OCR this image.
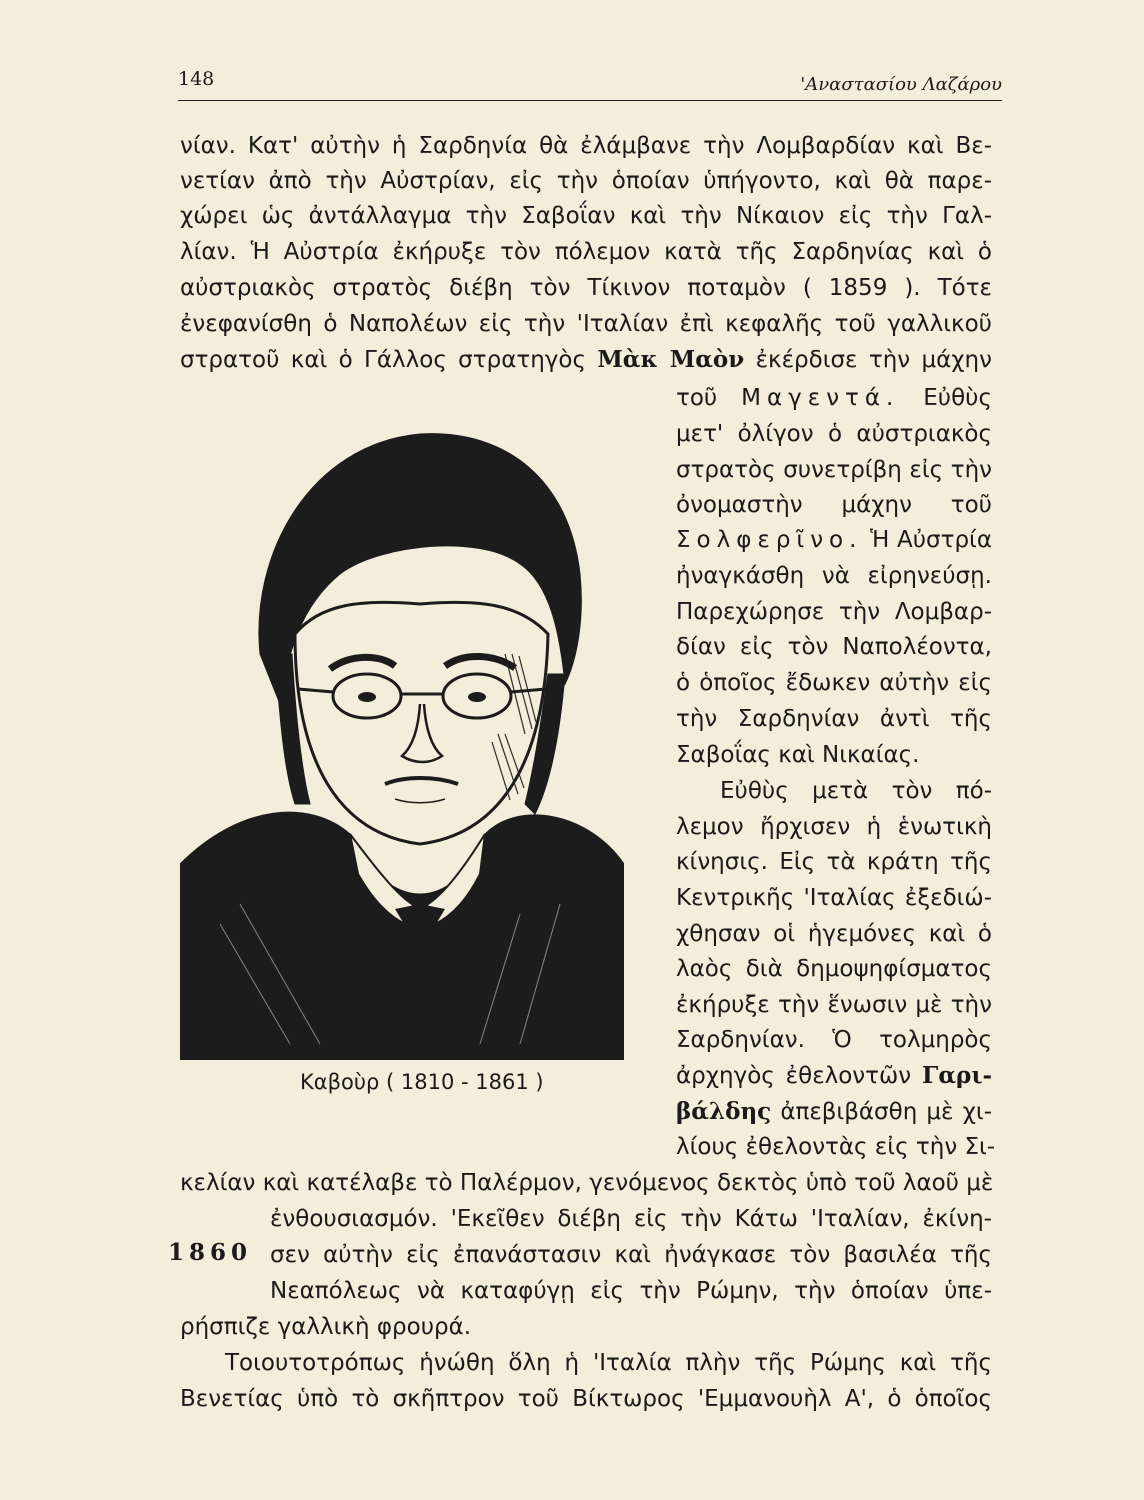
148	'Αναστασίου Λαζάρου
νίαν. Κατ' αὐτὴν ἡ Σαρδηνία θὰ ἐλάμβανε τὴν Λομβαρδίαν καὶ Βε-
νετίαν ἀπὸ τὴν Αὐστρίαν, εἰς τὴν ὁποίαν ὑπήγοντο, καὶ θὰ παρε-
χώρει ὡς ἀντάλλαγμα τὴν Σαβοΐαν καὶ τὴν Νίκαιον εἰς τὴν Γαλ-
λίαν. Ἡ Αὐστρία ἐκήρυξε τὸν πόλεμον κατὰ τῆς Σαρδηνίας καὶ ὁ
αὐστριακὸς στρατὸς διέβη τὸν Τίκινον ποταμὸν ( 1859 ). Τότε
ἐνεφανίσθη ὁ Ναπολέων εἰς τὴν 'Ιταλίαν ἐπὶ κεφαλῆς τοῦ γαλλικοῦ
στρατοῦ καὶ ὁ Γάλλος στρατηγὸς Μὰκ Μαὸν ἐκέρδισε τὴν μάχην
τοῦ Μαγεντά. Εὐθὺς
μετ' ὀλίγον ὁ αὐστριακὸς
στρατὸς συνετρίβη εἰς τὴν
ὀνομαστὴν μάχην τοῦ
Σολφερῖνο. Ἡ Αὐστρία
ἠναγκάσθη νὰ εἰρηνεύσῃ.
Παρεχώρησε τὴν Λομβαρ-
δίαν εἰς τὸν Ναπολέοντα,
ὁ ὁποῖος ἔδωκεν αὐτὴν εἰς
τὴν Σαρδηνίαν ἀντὶ τῆς
Σαβοΐας καὶ Νικαίας.
Εὐθὺς μετὰ τὸν πό-
λεμον ἤρχισεν ἡ ἑνωτικὴ
κίνησις. Εἰς τὰ κράτη τῆς
Κεντρικῆς 'Ιταλίας ἐξεδιώ-
χθησαν οἱ ἡγεμόνες καὶ ὁ
λαὸς διὰ δημοψηφίσματος
ἐκήρυξε τὴν ἕνωσιν μὲ τὴν
Σαρδηνίαν. Ὁ τολμηρὸς
ἀρχηγὸς ἐθελοντῶν Γαρι-
βάλδης ἀπεβιβάσθη μὲ χι-
λίους ἐθελοντὰς εἰς τὴν Σι-
κελίαν καὶ κατέλαβε τὸ Παλέρμον, γενόμενος δεκτὸς ὑπὸ τοῦ λαοῦ μὲ
ἐνθουσιασμόν. 'Εκεῖθεν διέβη εἰς τὴν Κάτω 'Ιταλίαν, ἐκίνη-
σεν αὐτὴν εἰς ἐπανάστασιν καὶ ἠνάγκασε τὸν βασιλέα τῆς
Νεαπόλεως νὰ καταφύγῃ εἰς τὴν Ρώμην, τὴν ὁποίαν ὑπε-
ρήσπιζε γαλλικὴ φρουρά.
Τοιουτοτρόπως ἡνώθη ὅλη ἡ 'Ιταλία πλὴν τῆς Ρώμης καὶ τῆς
Βενετίας ὑπὸ τὸ σκῆπτρον τοῦ Βίκτωρος 'Εμμανουὴλ Α', ὁ ὁποῖος
1860
Καβοὺρ ( 1810 - 1861 )
